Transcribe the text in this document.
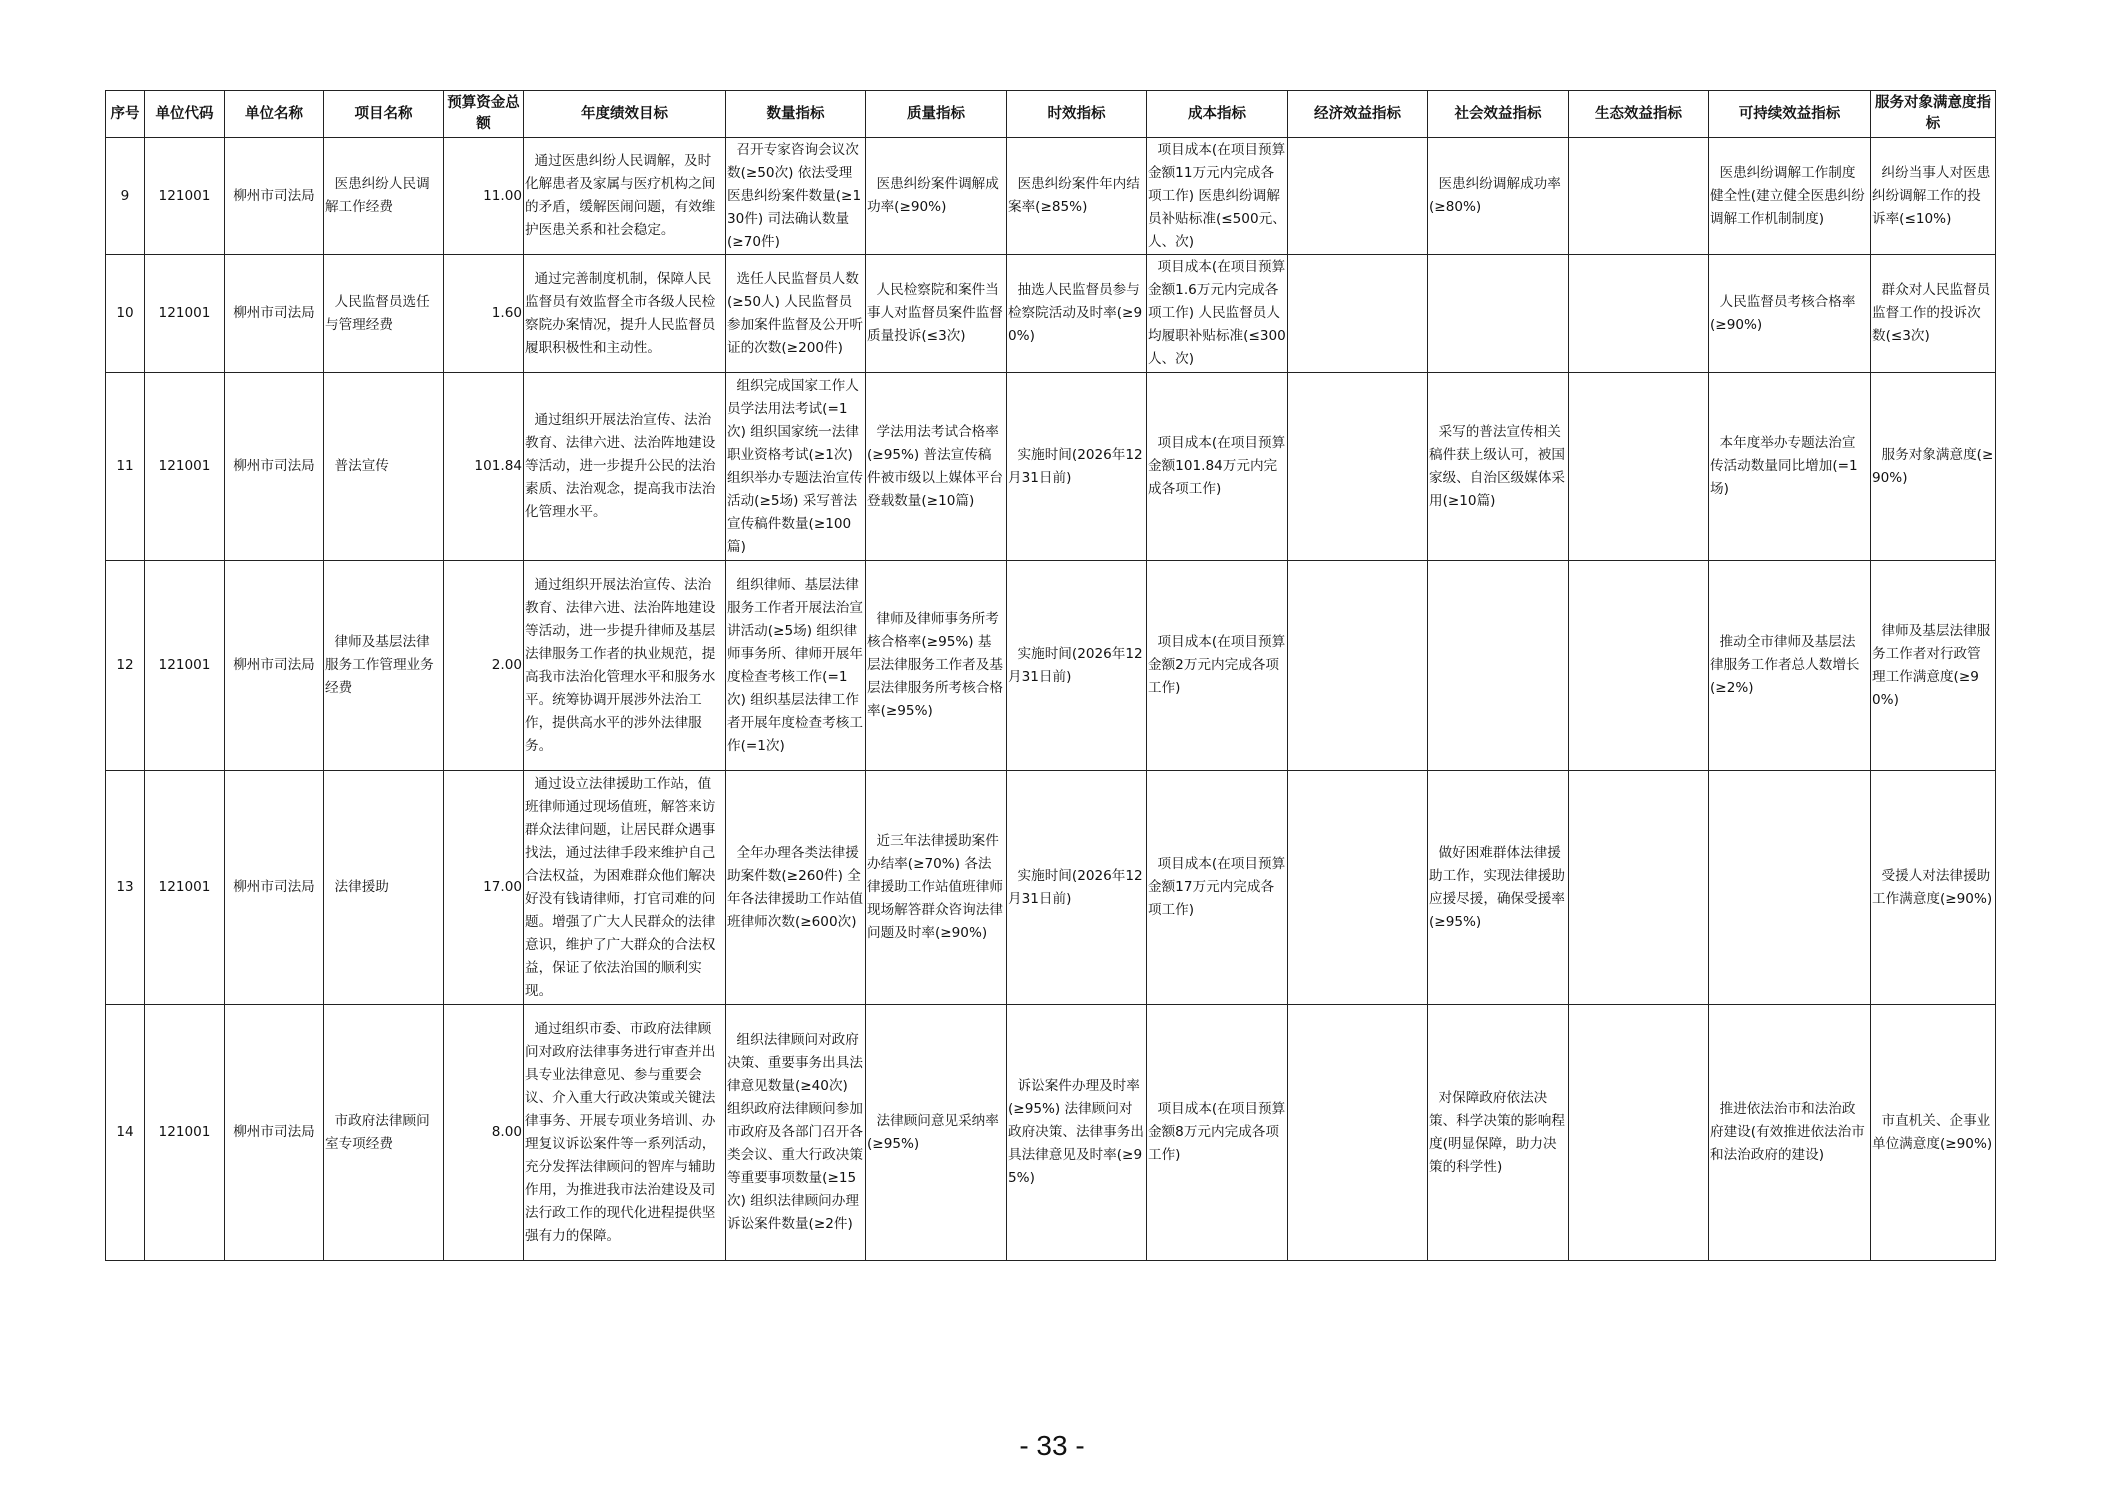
序号	单位代码	单位名称	项目名称	预算资金总额	年度绩效目标	数量指标	质量指标	时效指标	成本指标	经济效益指标	社会效益指标	生态效益指标	可持续效益指标	服务对象满意度指标
9	121001	柳州市司法局	医患纠纷人民调解工作经费	11.00	通过医患纠纷人民调解，及时化解患者及家属与医疗机构之间的矛盾，缓解医闹问题，有效维护医患关系和社会稳定。	召开专家咨询会议次数(≥50次) 依法受理医患纠纷案件数量(≥130件) 司法确认数量(≥70件)	医患纠纷案件调解成功率(≥90%)	医患纠纷案件年内结案率(≥85%)	项目成本(在项目预算金额11万元内完成各项工作) 医患纠纷调解员补贴标准(≤500元、人、次)		医患纠纷调解成功率(≥80%)		医患纠纷调解工作制度健全性(建立健全医患纠纷调解工作机制制度)	纠纷当事人对医患纠纷调解工作的投诉率(≤10%)
10	121001	柳州市司法局	人民监督员选任与管理经费	1.60	通过完善制度机制，保障人民监督员有效监督全市各级人民检察院办案情况，提升人民监督员履职积极性和主动性。	选任人民监督员人数(≥50人) 人民监督员参加案件监督及公开听证的次数(≥200件)	人民检察院和案件当事人对监督员案件监督质量投诉(≤3次)	抽选人民监督员参与检察院活动及时率(≥90%)	项目成本(在项目预算金额1.6万元内完成各项工作) 人民监督员人均履职补贴标准(≤300人、次)				人民监督员考核合格率(≥90%)	群众对人民监督员监督工作的投诉次数(≤3次)
11	121001	柳州市司法局	普法宣传	101.84	通过组织开展法治宣传、法治教育、法律六进、法治阵地建设等活动，进一步提升公民的法治素质、法治观念，提高我市法治化管理水平。	组织完成国家工作人员学法用法考试(=1次) 组织国家统一法律职业资格考试(≥1次) 组织举办专题法治宣传活动(≥5场) 采写普法宣传稿件数量(≥100篇)	学法用法考试合格率(≥95%) 普法宣传稿件被市级以上媒体平台登载数量(≥10篇)	实施时间(2026年12月31日前)	项目成本(在项目预算金额101.84万元内完成各项工作)		采写的普法宣传相关稿件获上级认可，被国家级、自治区级媒体采用(≥10篇)		本年度举办专题法治宣传活动数量同比增加(=1场)	服务对象满意度(≥90%)
12	121001	柳州市司法局	律师及基层法律服务工作管理业务经费	2.00	通过组织开展法治宣传、法治教育、法律六进、法治阵地建设等活动，进一步提升律师及基层法律服务工作者的执业规范，提高我市法治化管理水平和服务水平。统筹协调开展涉外法治工作，提供高水平的涉外法律服务。	组织律师、基层法律服务工作者开展法治宣讲活动(≥5场) 组织律师事务所、律师开展年度检查考核工作(=1次) 组织基层法律工作者开展年度检查考核工作(=1次)	律师及律师事务所考核合格率(≥95%) 基层法律服务工作者及基层法律服务所考核合格率(≥95%)	实施时间(2026年12月31日前)	项目成本(在项目预算金额2万元内完成各项工作)				推动全市律师及基层法律服务工作者总人数增长(≥2%)	律师及基层法律服务工作者对行政管理工作满意度(≥90%)
13	121001	柳州市司法局	法律援助	17.00	通过设立法律援助工作站，值班律师通过现场值班，解答来访群众法律问题，让居民群众遇事找法，通过法律手段来维护自己合法权益，为困难群众他们解决好没有钱请律师，打官司难的问题。增强了广大人民群众的法律意识，维护了广大群众的合法权益，保证了依法治国的顺利实现。	全年办理各类法律援助案件数(≥260件) 全年各法律援助工作站值班律师次数(≥600次)	近三年法律援助案件办结率(≥70%) 各法律援助工作站值班律师现场解答群众咨询法律问题及时率(≥90%)	实施时间(2026年12月31日前)	项目成本(在项目预算金额17万元内完成各项工作)		做好困难群体法律援助工作，实现法律援助应援尽援，确保受援率(≥95%)			受援人对法律援助工作满意度(≥90%)
14	121001	柳州市司法局	市政府法律顾问室专项经费	8.00	通过组织市委、市政府法律顾问对政府法律事务进行审查并出具专业法律意见、参与重要会议、介入重大行政决策或关键法律事务、开展专项业务培训、办理复议诉讼案件等一系列活动，充分发挥法律顾问的智库与辅助作用，为推进我市法治建设及司法行政工作的现代化进程提供坚强有力的保障。	组织法律顾问对政府决策、重要事务出具法律意见数量(≥40次) 组织政府法律顾问参加市政府及各部门召开各类会议、重大行政决策等重要事项数量(≥15次) 组织法律顾问办理诉讼案件数量(≥2件)	法律顾问意见采纳率(≥95%)	诉讼案件办理及时率(≥95%) 法律顾问对政府决策、法律事务出具法律意见及时率(≥95%)	项目成本(在项目预算金额8万元内完成各项工作)		对保障政府依法决策、科学决策的影响程度(明显保障，助力决策的科学性)		推进依法治市和法治政府建设(有效推进依法治市和法治政府的建设)	市直机关、企事业单位满意度(≥90%)
- 33 -
